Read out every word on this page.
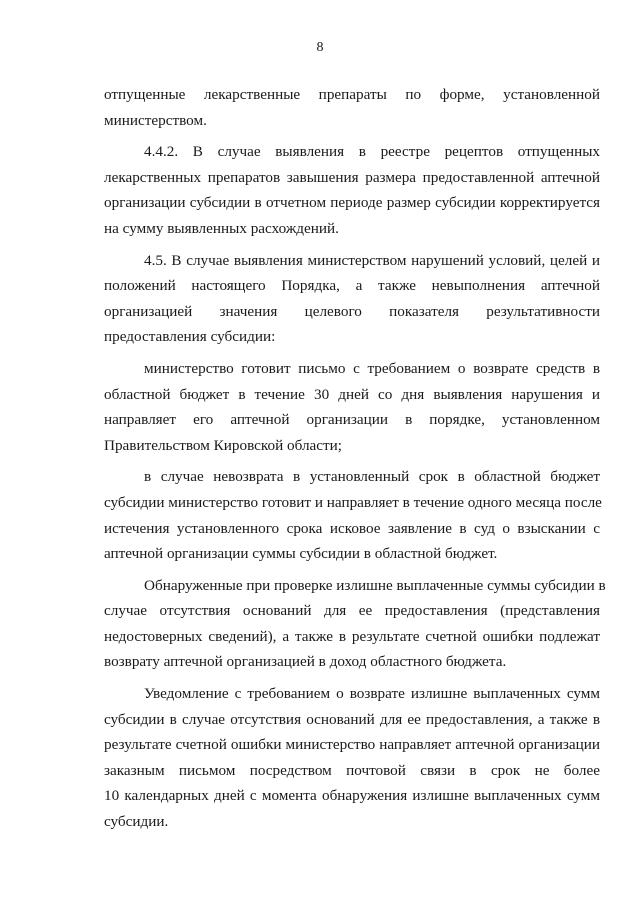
8

отпущенные лекарственные препараты по форме, установленной
министерством.

4.4.2. В случае выявления в реестре рецептов отпущенных
лекарственных препаратов завышения размера предоставленной аптечной
организации субсидии в отчетном периоде размер субсидии корректируется
на сумму выявленных расхождений.

4.5. В случае выявления министерством нарушений условий, целей и
положений настоящего Порядка, а также невыполнения аптечной
организацией значения целевого показателя результативности
предоставления субсидии:

министерство готовит письмо с требованием о возврате средств в
областной бюджет в течение 30 дней со дня выявления нарушения и
направляет его аптечной организации в порядке, установленном
Правительством Кировской области;

в случае невозврата в установленный срок в областной бюджет
субсидии министерство готовит и направляет в течение одного месяца после
истечения установленного срока исковое заявление в суд о взыскании с
аптечной организации суммы субсидии в областной бюджет.

Обнаруженные при проверке излишне выплаченные суммы субсидии в
случае отсутствия оснований для ее предоставления (представления
недостоверных сведений), а также в результате счетной ошибки подлежат
возврату аптечной организацией в доход областного бюджета.

Уведомление с требованием о возврате излишне выплаченных сумм
субсидии в случае отсутствия оснований для ее предоставления, а также в
результате счетной ошибки министерство направляет аптечной организации
заказным письмом посредством почтовой связи в срок не более
10 календарных дней с момента обнаружения излишне выплаченных сумм
субсидии.
